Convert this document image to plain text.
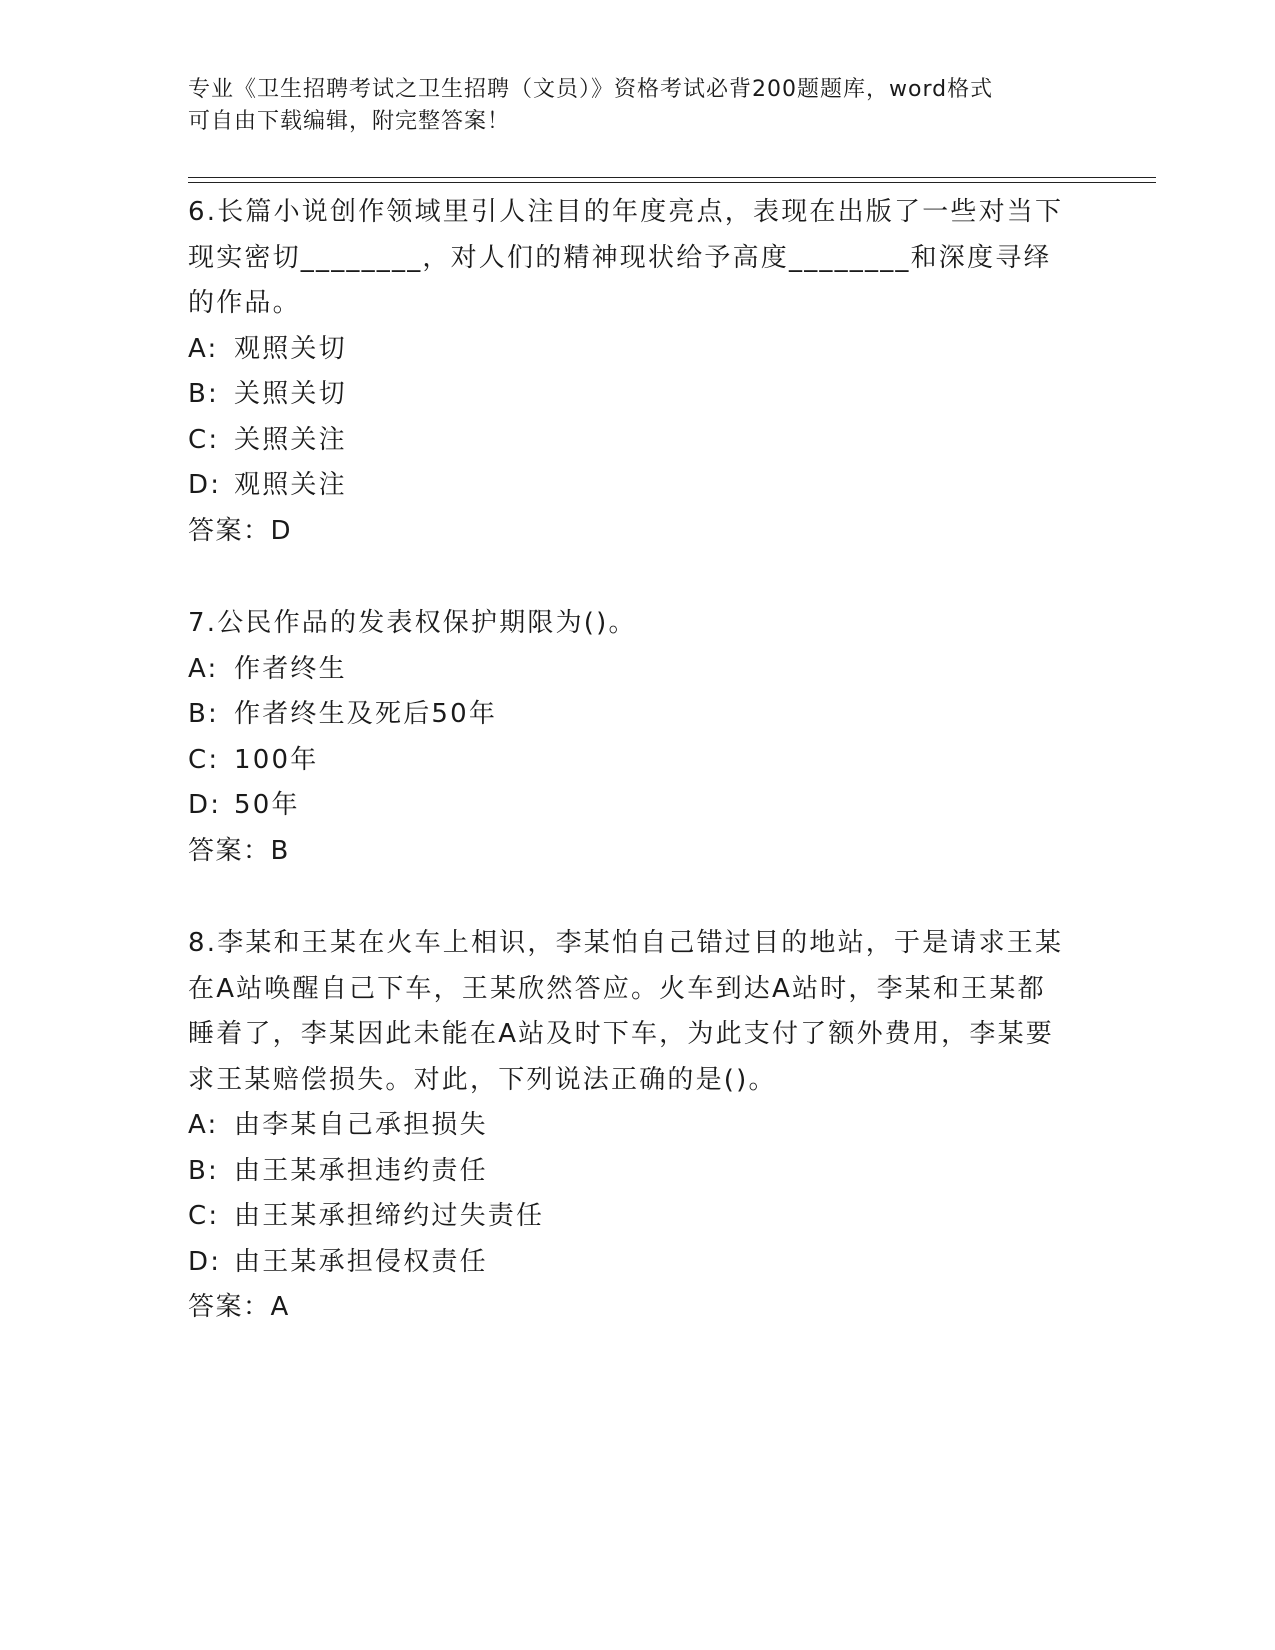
专业《卫生招聘考试之卫生招聘（文员）》资格考试必背200题题库，word格式
可自由下载编辑，附完整答案！

6.长篇小说创作领域里引人注目的年度亮点，表现在出版了一些对当下现实密切________，对人们的精神现状给予高度________和深度寻绎的作品。

A: 观照关切
B: 关照关切
C: 关照关注
D: 观照关注

答案：D

7.公民作品的发表权保护期限为()。

A: 作者终生
B: 作者终生及死后50年
C: 100年
D: 50年

答案：B

8.李某和王某在火车上相识，李某怕自己错过目的地站，于是请求王某在A站唤醒自己下车，王某欣然答应。火车到达A站时，李某和王某都睡着了，李某因此未能在A站及时下车，为此支付了额外费用，李某要求王某赔偿损失。对此，下列说法正确的是()。

A: 由李某自己承担损失
B: 由王某承担违约责任
C: 由王某承担缔约过失责任
D: 由王某承担侵权责任

答案：A
